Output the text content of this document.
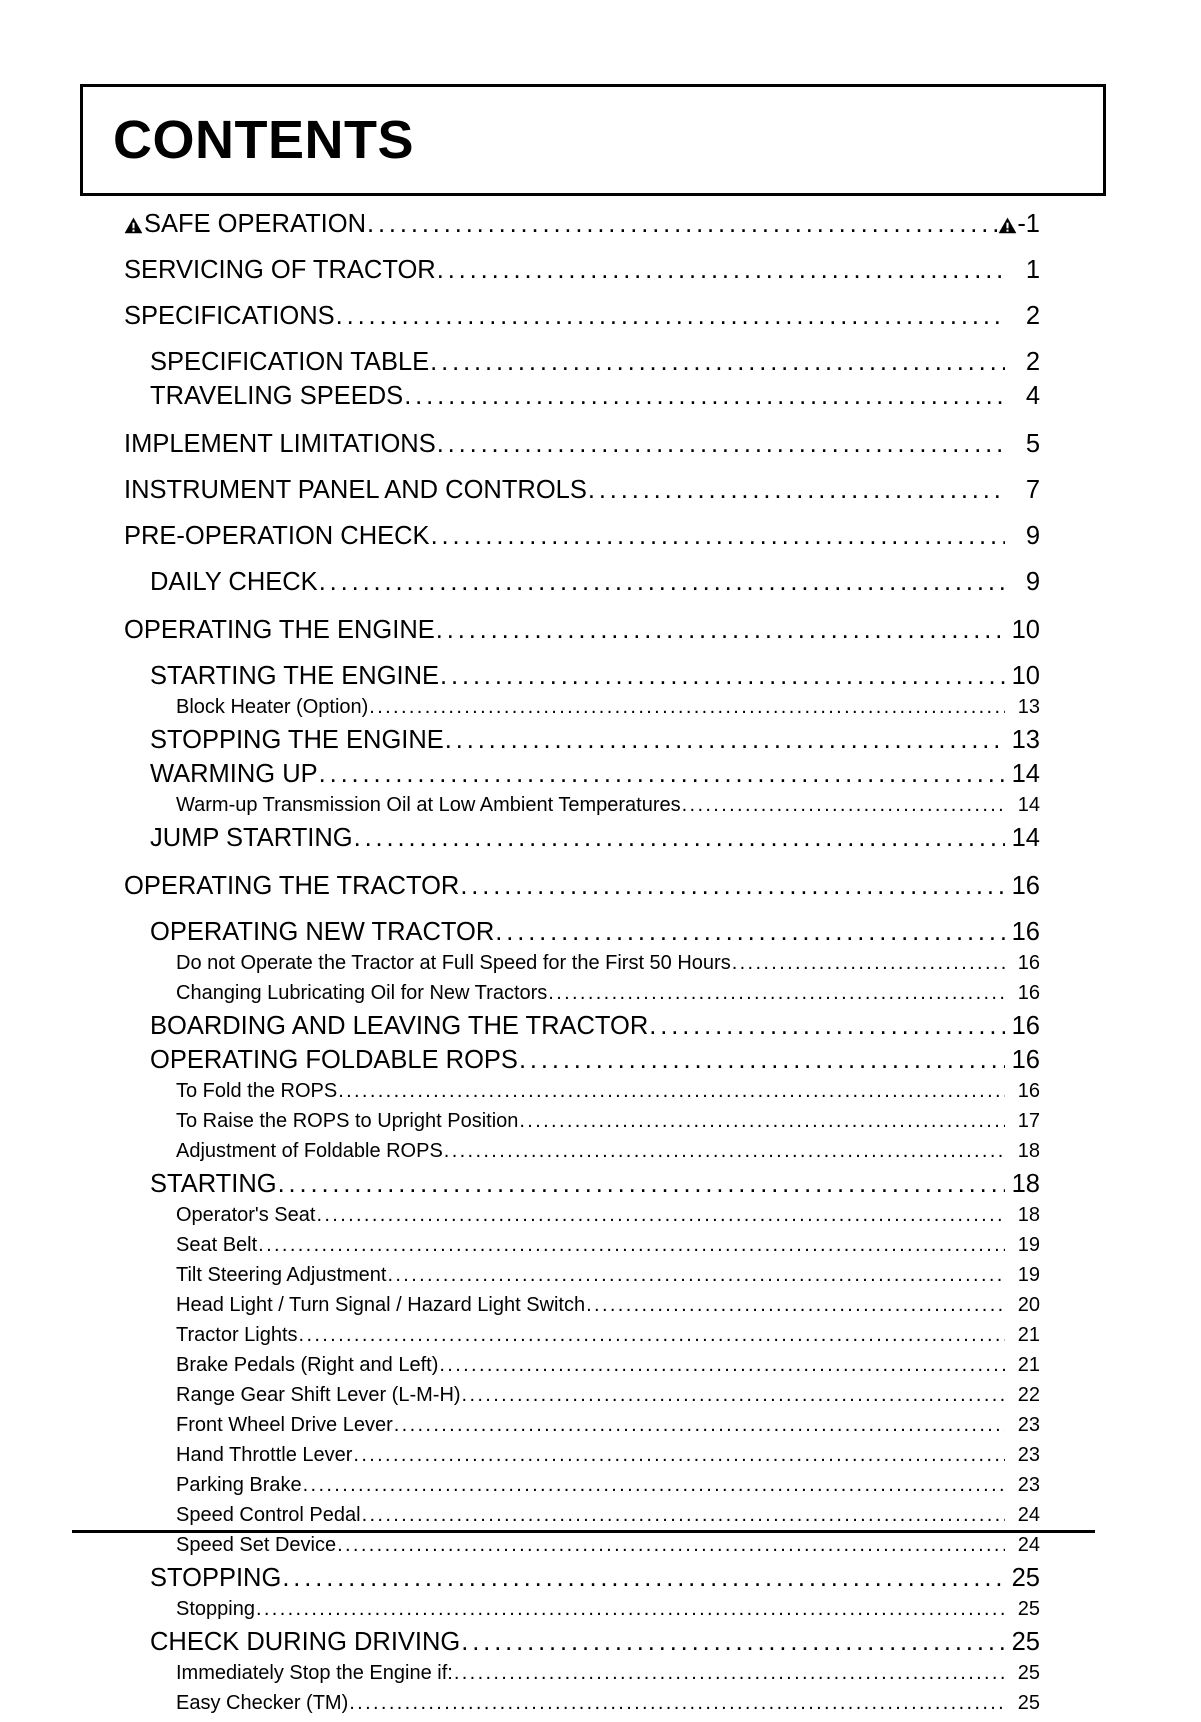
CONTENTS
SAFE OPERATION . . .	-1
SERVICING OF TRACTOR . . .	1
SPECIFICATIONS . . .	2
SPECIFICATION TABLE . . .	2
TRAVELING SPEEDS . . .	4
IMPLEMENT LIMITATIONS . . .	5
INSTRUMENT PANEL AND CONTROLS . . .	7
PRE-OPERATION CHECK . . .	9
DAILY CHECK . . .	9
OPERATING THE ENGINE . . .	10
STARTING THE ENGINE . . .	10
Block Heater (Option) . . .	13
STOPPING THE ENGINE . . .	13
WARMING UP . . .	14
Warm-up Transmission Oil at Low Ambient Temperatures . . .	14
JUMP STARTING . . .	14
OPERATING THE TRACTOR . . .	16
OPERATING NEW TRACTOR . . .	16
Do not Operate the Tractor at Full Speed for the First 50 Hours . . .	16
Changing Lubricating Oil for New Tractors . . .	16
BOARDING AND LEAVING THE TRACTOR . . .	16
OPERATING FOLDABLE ROPS . . .	16
To Fold the ROPS . . .	16
To Raise the ROPS to Upright Position . . .	17
Adjustment of Foldable ROPS . . .	18
STARTING . . .	18
Operator's Seat . . .	18
Seat Belt . . .	19
Tilt Steering Adjustment . . .	19
Head Light / Turn Signal / Hazard Light Switch . . .	20
Tractor Lights . . .	21
Brake Pedals (Right and Left) . . .	21
Range Gear Shift Lever (L-M-H) . . .	22
Front Wheel Drive Lever . . .	23
Hand Throttle Lever . . .	23
Parking Brake . . .	23
Speed Control Pedal . . .	24
Speed Set Device . . .	24
STOPPING . . .	25
Stopping . . .	25
CHECK DURING DRIVING . . .	25
Immediately Stop the Engine if: . . .	25
Easy Checker (TM) . . .	25
